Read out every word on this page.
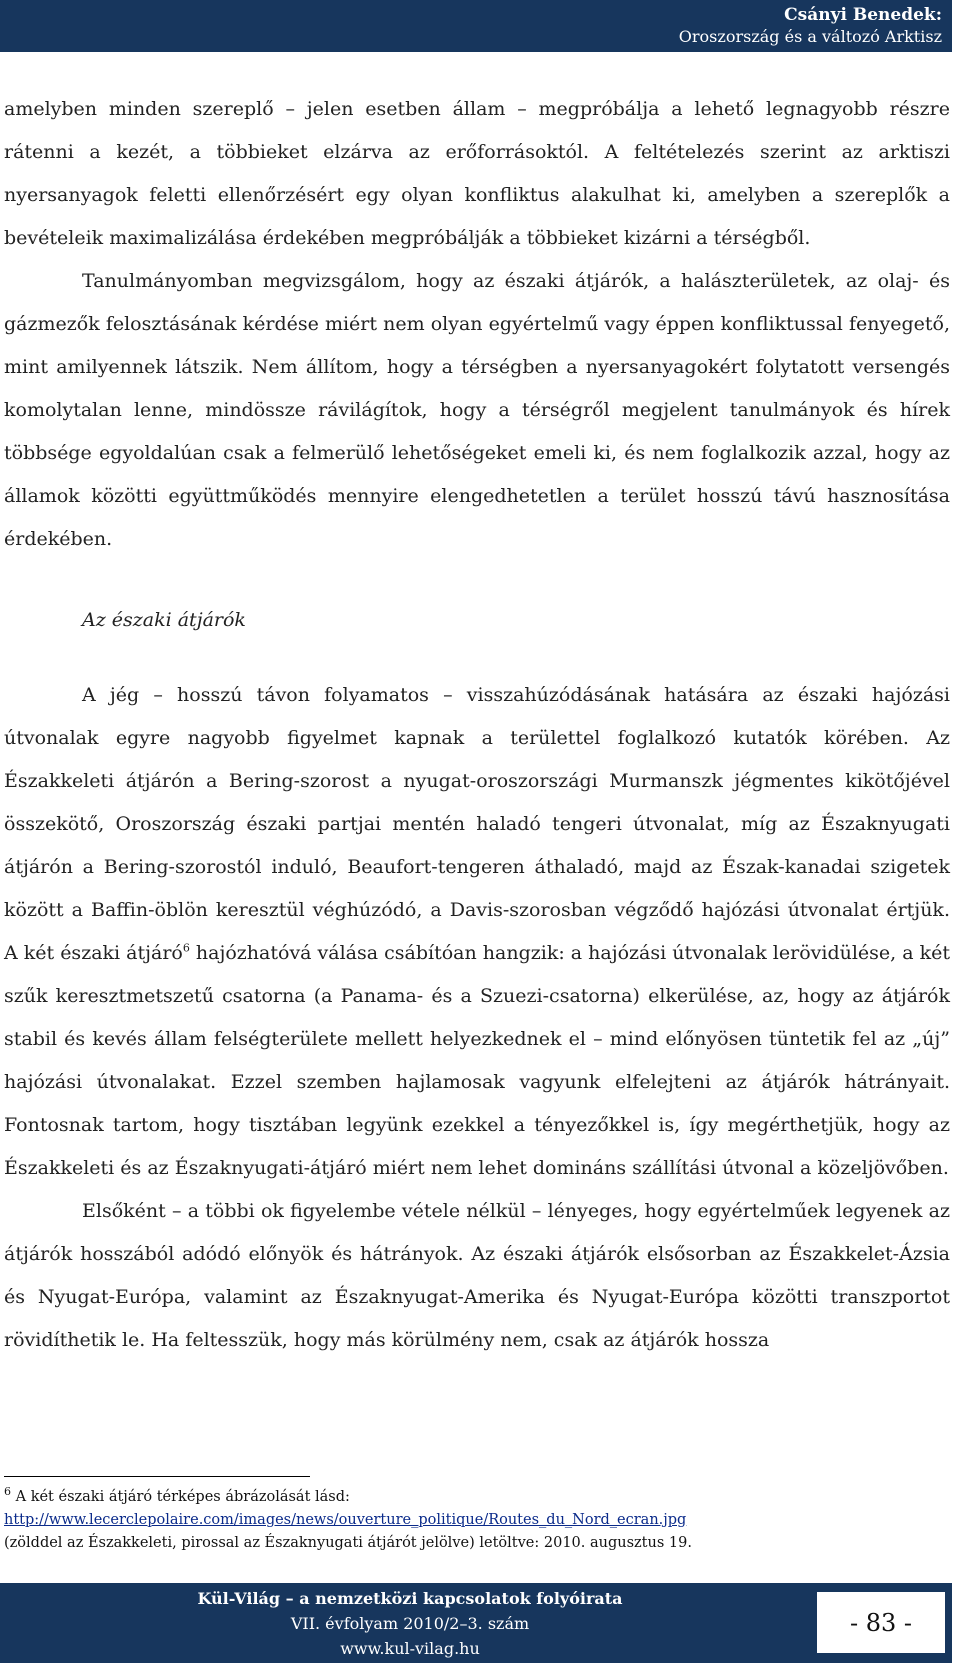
Csányi Benedek:
Oroszország és a változó Arktisz

amelyben minden szereplő – jelen esetben állam – megpróbálja a lehető legnagyobb részre rátenni a kezét, a többieket elzárva az erőforrásoktól. A feltételezés szerint az arktiszi nyersanyagok feletti ellenőrzésért egy olyan konfliktus alakulhat ki, amelyben a szereplők a bevételeik maximalizálása érdekében megpróbálják a többieket kizárni a térségből.

Tanulmányomban megvizsgálom, hogy az északi átjárók, a halászterületek, az olaj- és gázmezők felosztásának kérdése miért nem olyan egyértelmű vagy éppen konfliktussal fenyegető, mint amilyennek látszik. Nem állítom, hogy a térségben a nyersanyagokért folytatott versengés komolytalan lenne, mindössze rávilágítok, hogy a térségről megjelent tanulmányok és hírek többsége egyoldalúan csak a felmerülő lehetőségeket emeli ki, és nem foglalkozik azzal, hogy az államok közötti együttműködés mennyire elengedhetetlen a terület hosszú távú hasznosítása érdekében.

Az északi átjárók

A jég – hosszú távon folyamatos – visszahúzódásának hatására az északi hajózási útvonalak egyre nagyobb figyelmet kapnak a területtel foglalkozó kutatók körében. Az Északkeleti átjárón a Bering-szorost a nyugat-oroszországi Murmanszk jégmentes kikötőjével összekötő, Oroszország északi partjai mentén haladó tengeri útvonalat, míg az Északnyugati átjárón a Bering-szorostól induló, Beaufort-tengeren áthaladó, majd az Észak-kanadai szigetek között a Baffin-öblön keresztül véghúzódó, a Davis-szorosban végződő hajózási útvonalat értjük. A két északi átjáró$^6$ hajózhatóvá válása csábítóan hangzik: a hajózási útvonalak lerövidülése, a két szűk keresztmetszetű csatorna (a Panama- és a Szuezi-csatorna) elkerülése, az, hogy az átjárók stabil és kevés állam felségterülete mellett helyezkednek el – mind előnyösen tüntetik fel az „új” hajózási útvonalakat. Ezzel szemben hajlamosak vagyunk elfelejteni az átjárók hátrányait. Fontosnak tartom, hogy tisztában legyünk ezekkel a tényezőkkel is, így megérthetjük, hogy az Északkeleti és az Északnyugati-átjáró miért nem lehet domináns szállítási útvonal a közeljövőben.

Elsőként – a többi ok figyelembe vétele nélkül – lényeges, hogy egyértelműek legyenek az átjárók hosszából adódó előnyök és hátrányok. Az északi átjárók elsősorban az Északkelet-Ázsia és Nyugat-Európa, valamint az Északnyugat-Amerika és Nyugat-Európa közötti transzportot rövidíthetik le. Ha feltesszük, hogy más körülmény nem, csak az átjárók hossza

$^6$ A két északi átjáró térképes ábrázolását lásd:
http://www.lecerclepolaire.com/images/news/ouverture_politique/Routes_du_Nord_ecran.jpg
(zölddel az Északkeleti, pirossal az Északnyugati átjárót jelölve) letöltve: 2010. augusztus 19.
Kül-Világ – a nemzetközi kapcsolatok folyóirata
VII. évfolyam 2010/2–3. szám
www.kul-vilag.hu
- 83 -
